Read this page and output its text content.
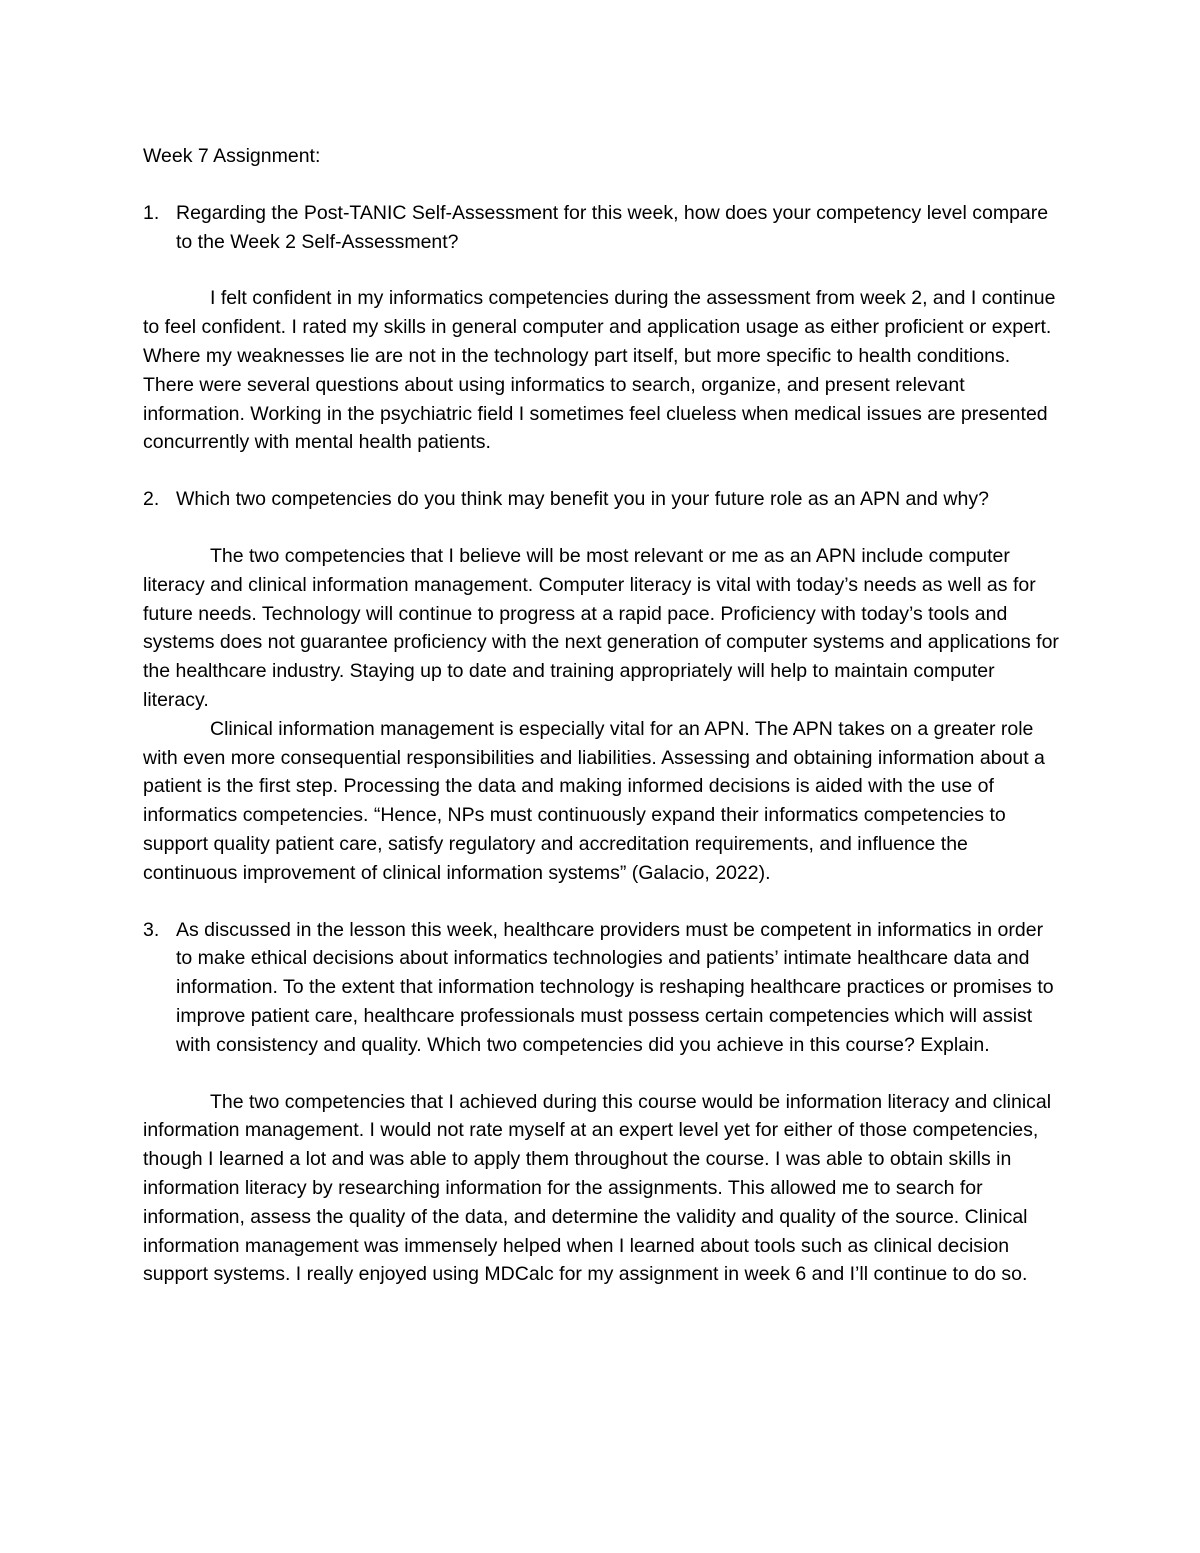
Week 7 Assignment:
1. Regarding the Post-TANIC Self-Assessment for this week, how does your competency level compare to the Week 2 Self-Assessment?

I felt confident in my informatics competencies during the assessment from week 2, and I continue to feel confident. I rated my skills in general computer and application usage as either proficient or expert. Where my weaknesses lie are not in the technology part itself, but more specific to health conditions. There were several questions about using informatics to search, organize, and present relevant information. Working in the psychiatric field I sometimes feel clueless when medical issues are presented concurrently with mental health patients.

2. Which two competencies do you think may benefit you in your future role as an APN and why?

The two competencies that I believe will be most relevant or me as an APN include computer literacy and clinical information management. Computer literacy is vital with today’s needs as well as for future needs. Technology will continue to progress at a rapid pace. Proficiency with today’s tools and systems does not guarantee proficiency with the next generation of computer systems and applications for the healthcare industry. Staying up to date and training appropriately will help to maintain computer literacy.

Clinical information management is especially vital for an APN. The APN takes on a greater role with even more consequential responsibilities and liabilities. Assessing and obtaining information about a patient is the first step. Processing the data and making informed decisions is aided with the use of informatics competencies. “Hence, NPs must continuously expand their informatics competencies to support quality patient care, satisfy regulatory and accreditation requirements, and influence the continuous improvement of clinical information systems” (Galacio, 2022).

3. As discussed in the lesson this week, healthcare providers must be competent in informatics in order to make ethical decisions about informatics technologies and patients’ intimate healthcare data and information. To the extent that information technology is reshaping healthcare practices or promises to improve patient care, healthcare professionals must possess certain competencies which will assist with consistency and quality. Which two competencies did you achieve in this course? Explain.

The two competencies that I achieved during this course would be information literacy and clinical information management. I would not rate myself at an expert level yet for either of those competencies, though I learned a lot and was able to apply them throughout the course. I was able to obtain skills in information literacy by researching information for the assignments. This allowed me to search for information, assess the quality of the data, and determine the validity and quality of the source. Clinical information management was immensely helped when I learned about tools such as clinical decision support systems. I really enjoyed using MDCalc for my assignment in week 6 and I’ll continue to do so.
